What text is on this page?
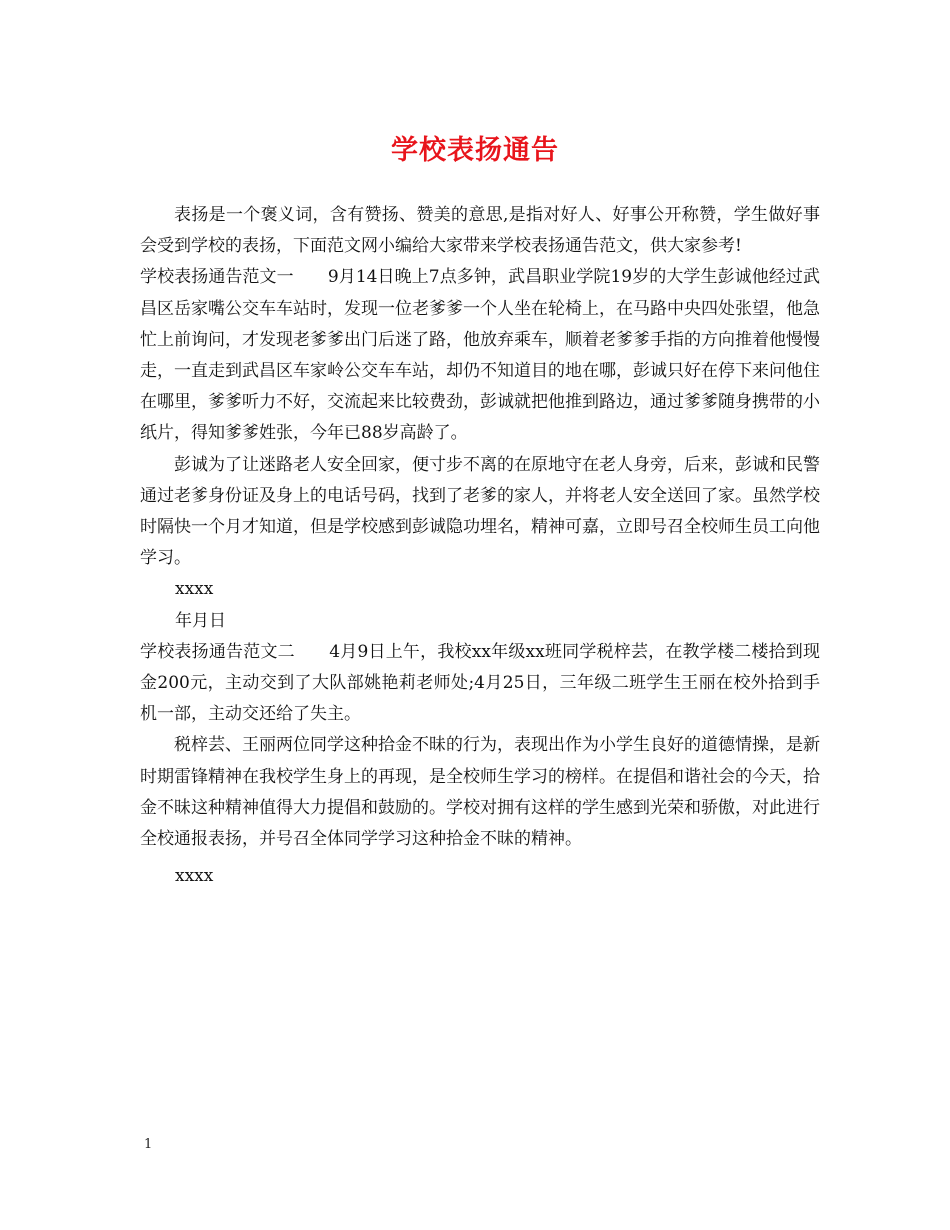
学校表扬通告

表扬是一个褒义词，含有赞扬、赞美的意思,是指对好人、好事公开称赞，学生做好事会受到学校的表扬，下面范文网小编给大家带来学校表扬通告范文，供大家参考!

学校表扬通告范文一　　9月14日晚上7点多钟，武昌职业学院19岁的大学生彭诚他经过武昌区岳家嘴公交车车站时，发现一位老爹爹一个人坐在轮椅上，在马路中央四处张望，他急忙上前询问，才发现老爹爹出门后迷了路，他放弃乘车，顺着老爹爹手指的方向推着他慢慢走，一直走到武昌区车家岭公交车车站，却仍不知道目的地在哪，彭诚只好在停下来问他住在哪里，爹爹听力不好，交流起来比较费劲，彭诚就把他推到路边，通过爹爹随身携带的小纸片，得知爹爹姓张，今年已88岁高龄了。

彭诚为了让迷路老人安全回家，便寸步不离的在原地守在老人身旁，后来，彭诚和民警通过老爹身份证及身上的电话号码，找到了老爹的家人，并将老人安全送回了家。虽然学校时隔快一个月才知道，但是学校感到彭诚隐功埋名，精神可嘉，立即号召全校师生员工向他学习。

xxxx

年月日

学校表扬通告范文二　　4月9日上午，我校xx年级xx班同学税梓芸，在教学楼二楼拾到现金200元，主动交到了大队部姚艳莉老师处;4月25日，三年级二班学生王丽在校外拾到手机一部，主动交还给了失主。

税梓芸、王丽两位同学这种拾金不昧的行为，表现出作为小学生良好的道德情操，是新时期雷锋精神在我校学生身上的再现，是全校师生学习的榜样。在提倡和谐社会的今天，拾金不昧这种精神值得大力提倡和鼓励的。学校对拥有这样的学生感到光荣和骄傲，对此进行全校通报表扬，并号召全体同学学习这种拾金不昧的精神。

xxxx

1
